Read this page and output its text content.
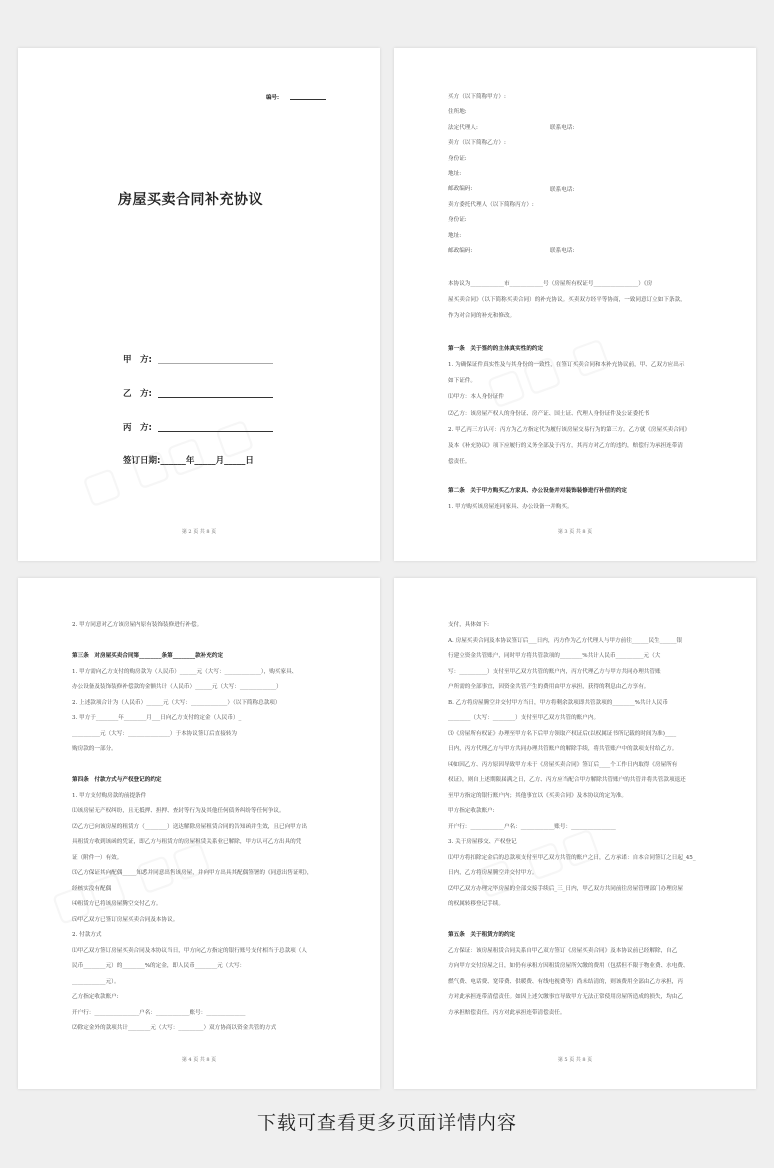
编号:
房屋买卖合同补充协议
甲　方:
乙　方:
丙　方:
签订日期:______年_____月_____日
第 2 页 共 8 页
买方（以下简称甲方）:
住所地:
法定代理人:
卖方（以下简称乙方）:
身份证:
地址:
邮政编码:
卖方委托代理人（以下简称丙方）:
身份证:
地址:
邮政编码:
联系电话:
联系电话:
联系电话:
本协议为____________市____________号（房屋所有权证号________________）《房
屋买卖合同》（以下简称买卖合同）的补充协议。买卖双方经平等协商，一致同意订立如下条款，
作为对合同的补充和修改。
第一条　关于签约的主体真实性的约定
1. 为确保证件真实性及与其身份的一致性，在签订买卖合同和本补充协议前，甲、乙双方应出示
如下证件。
⑴甲方：本人身份证件
⑵乙方：该房屋产权人的身份证、房产证、国土证、代理人身份证件及公证委托书
2. 甲乙丙三方认可：丙方为乙方指定代为履行该房屋交易行为的第三方。乙方就《房屋买卖合同》
及本《补充协议》项下应履行的义务全部及于丙方，其丙方对乙方的违约，赔偿行为承担连带清
偿责任。
第二条　关于甲方购买乙方家具、办公设备并对装饰装修进行补偿的约定
1. 甲方购买该房屋连同家具、办公设备一并购买。
第 3 页 共 8 页
2. 甲方同意对乙方该房屋内原有装饰装修进行补偿。
第三条　对房屋买卖合同第________条第________款补充约定
1. 甲方需向乙方支付的购房款为（人民币）______元（大写：_____________），购买家具、
办公设备及装饰装修补偿款的金额共计（人民币）______元（大写：_____________）
2. 上述款项合计为（人民币）______元（大写：_____________）（以下简称总款项）
3. 甲方于________年________月___日向乙方支付的定金（人民币）_
__________元（大写：_______________）于本协议签订后直接转为
购房款的一部分。
第四条　付款方式与产权登记的约定
1. 甲方支付购房款的前提条件
⑴该房屋无产权纠纷，且无抵押、担押、查封等行为及其他任何债务纠纷等任何争议。
⑵乙方已向该房屋的租赁方（________）送达解除房屋租赁合同的告知函并生效，且已向甲方出
具租赁方收到该函的凭证，即乙方与租赁方的房屋租赁关系业已解除，甲方认可乙方出具的凭
证（附件一）有效。
⑶乙方保证其向配偶_____知悉并同意出售该房屋，并向甲方出具其配偶签署的《同意出售证明》，
经核实没有配偶
⑷租赁方已将该房屋腾空交付乙方。
⑸甲乙双方已签订房屋买卖合同及本协议。
2. 付款方式
⑴甲乙双方签订房屋买卖合同及本协议当日，甲方向乙方指定的银行账号支付相当于总款项（人
民币________元）的________%的定金，即人民币________元（大写：
____________元）。
乙方指定收款账户:
开户行：________________户名：____________账号：______________
⑵除定金外的款项共计________元（大写：_________）双方协商以资金共管的方式
第 4 页 共 8 页
支付，具体如下:
A. 房屋买卖合同及本协议签订后___日内，丙方作为乙方代理人与甲方前往______民生______银
行建立资金共管账户，同时甲方将共管款项的________%共计人民币__________元（大
写：__________）支付至甲乙双方共管的账户内，丙方代理乙方与甲方共同办理共管账
户所需的全部事宜，因资金共管产生的费用由甲方承担，获得的利息由乙方享有。
B. 乙方将房屋腾空并交付甲方当日，甲方将剩余款项即共管款项的________%共计人民币
________（大写：________）支付至甲乙双方共管的账户内。
⑶《房屋所有权证》办理至甲方名下后甲方领取产权证后(以权属证书所记载的时间为准)____
日内，丙方代理乙方与甲方共同办理共管账户的解除手续，将共管账户中的款项支付给乙方。
⑷如因乙方、丙方原因导致甲方未于《房屋买卖合同》签订后____个工作日内取得《房屋所有
权证》，则自上述期限届满之日，乙方、丙方应当配合甲方解除共管账户的共管并将共管款项退还
至甲方指定的银行账户内；其他事宜以《买卖合同》及本协议的定为准。
甲方指定收款账户:
开户行：____________户名：____________账号：________________
3. 关于房屋移交、产权登记
⑴甲方将扣除定金后的总款项支付至甲乙双方共管的账户之日，乙方承诺：自本合同签订之日起_45_
日内，乙方将房屋腾空并交付甲方。
⑵甲乙双方办理完毕房屋的全部交接手续后_三_日内，甲乙双方共同前往房屋管理部门办理房屋
的权属转移登记手续。
第五条　关于租赁方的约定
乙方保证：该房屋租赁合同关系自甲乙双方签订《房屋买卖合同》及本协议前已经解除，自乙
方向甲方交付房屋之日，如仍有承租方因租赁房屋所欠缴的费用（包括但不限于物业费、水电费、
燃气费、电话费、宽带费、供暖费、有线电视费等）尚未结清的，则该费用全部由乙方承担，丙
方对此承担连带清偿责任。如因上述欠缴事宜导致甲方无法正常使用房屋所造成的损失，均由乙
方承担赔偿责任，丙方对此承担连带清偿责任。
第 5 页 共 8 页
下载可查看更多页面详情内容
